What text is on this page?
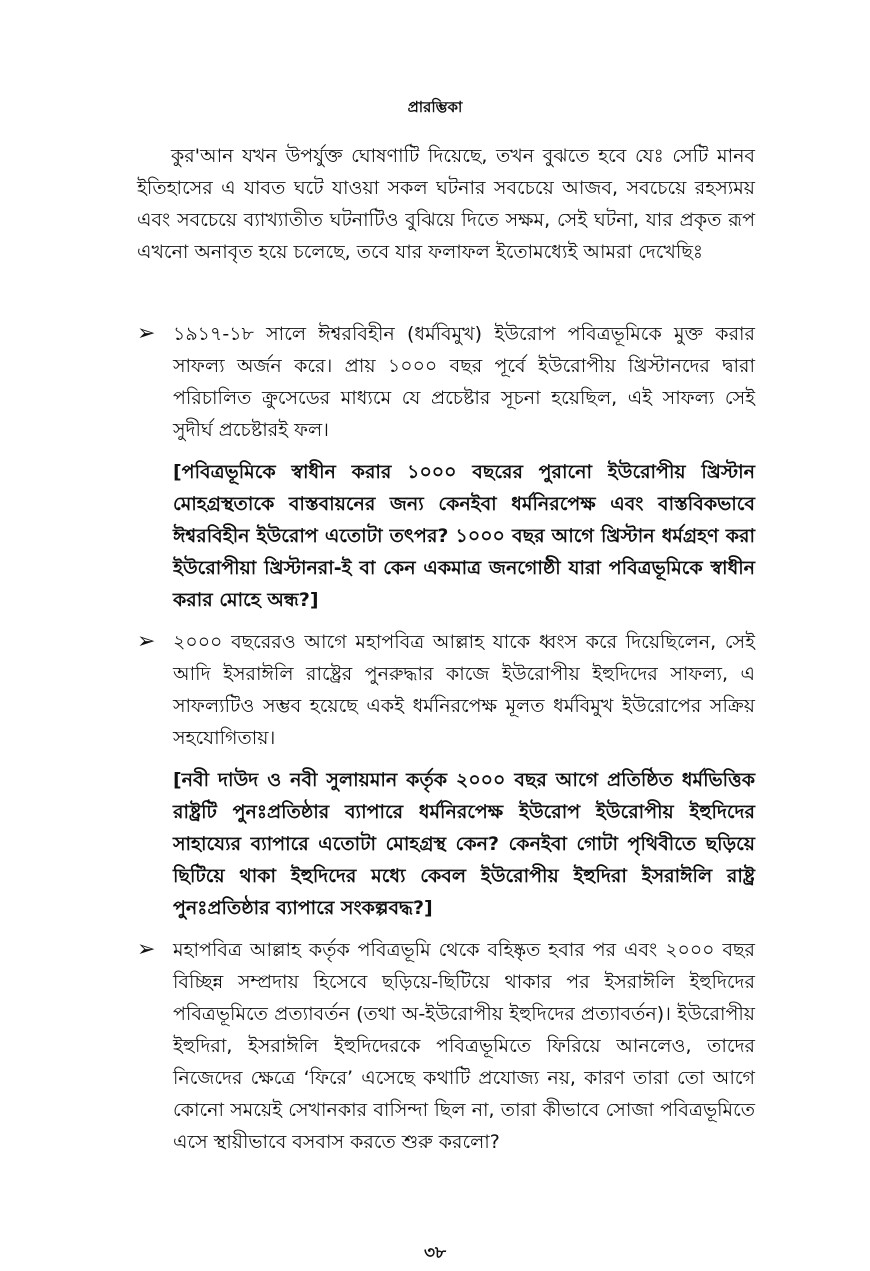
প্রারম্ভিকা

কুর'আন যখন উপর্যুক্ত ঘোষণাটি দিয়েছে, তখন বুঝতে হবে যেঃ সেটি মানব ইতিহাসের এ যাবত ঘটে যাওয়া সকল ঘটনার সবচেয়ে আজব, সবচেয়ে রহস্যময় এবং সবচেয়ে ব্যাখ্যাতীত ঘটনাটিও বুঝিয়ে দিতে সক্ষম, সেই ঘটনা, যার প্রকৃত রূপ এখনো অনাবৃত হয়ে চলেছে, তবে যার ফলাফল ইতোমধ্যেই আমরা দেখেছিঃ

➢ ১৯১৭-১৮ সালে ঈশ্বরবিহীন (ধর্মবিমুখ) ইউরোপ পবিত্রভূমিকে মুক্ত করার সাফল্য অর্জন করে। প্রায় ১০০০ বছর পূর্বে ইউরোপীয় খ্রিস্টানদের দ্বারা পরিচালিত ক্রুসেডের মাধ্যমে যে প্রচেষ্টার সূচনা হয়েছিল, এই সাফল্য সেই সুদীর্ঘ প্রচেষ্টারই ফল।

[পবিত্রভূমিকে স্বাধীন করার ১০০০ বছরের পুরানো ইউরোপীয় খ্রিস্টান মোহগ্রস্থতাকে বাস্তবায়নের জন্য কেনইবা ধর্মনিরপেক্ষ এবং বাস্তবিকভাবে ঈশ্বরবিহীন ইউরোপ এতোটা তৎপর? ১০০০ বছর আগে খ্রিস্টান ধর্মগ্রহণ করা ইউরোপীয়া খ্রিস্টানরা-ই বা কেন একমাত্র জনগোষ্ঠী যারা পবিত্রভূমিকে স্বাধীন করার মোহে অন্ধ?]

➢ ২০০০ বছরেরও আগে মহাপবিত্র আল্লাহ যাকে ধ্বংস করে দিয়েছিলেন, সেই আদি ইসরাঈলি রাষ্ট্রের পুনরুদ্ধার কাজে ইউরোপীয় ইহুদিদের সাফল্য, এ সাফল্যটিও সম্ভব হয়েছে একই ধর্মনিরপেক্ষ মূলত ধর্মবিমুখ ইউরোপের সক্রিয় সহযোগিতায়।

[নবী দাউদ ও নবী সুলায়মান কর্তৃক ২০০০ বছর আগে প্রতিষ্ঠিত ধর্মভিত্তিক রাষ্ট্রটি পুনঃপ্রতিষ্ঠার ব্যাপারে ধর্মনিরপেক্ষ ইউরোপ ইউরোপীয় ইহুদিদের সাহায্যের ব্যাপারে এতোটা মোহগ্রস্থ কেন? কেনইবা গোটা পৃথিবীতে ছড়িয়ে ছিটিয়ে থাকা ইহুদিদের মধ্যে কেবল ইউরোপীয় ইহুদিরা ইসরাঈলি রাষ্ট্র পুনঃপ্রতিষ্ঠার ব্যাপারে সংকল্পবদ্ধ?]

➢ মহাপবিত্র আল্লাহ কর্তৃক পবিত্রভূমি থেকে বহিষ্কৃত হবার পর এবং ২০০০ বছর বিচ্ছিন্ন সম্প্রদায় হিসেবে ছড়িয়ে-ছিটিয়ে থাকার পর ইসরাঈলি ইহুদিদের পবিত্রভূমিতে প্রত্যাবর্তন (তথা অ-ইউরোপীয় ইহুদিদের প্রত্যাবর্তন)। ইউরোপীয় ইহুদিরা, ইসরাঈলি ইহুদিদেরকে পবিত্রভূমিতে ফিরিয়ে আনলেও, তাদের নিজেদের ক্ষেত্রে ‘ফিরে’ এসেছে কথাটি প্রযোজ্য নয়, কারণ তারা তো আগে কোনো সময়েই সেখানকার বাসিন্দা ছিল না, তারা কীভাবে সোজা পবিত্রভূমিতে এসে স্থায়ীভাবে বসবাস করতে শুরু করলো?

৩৮
